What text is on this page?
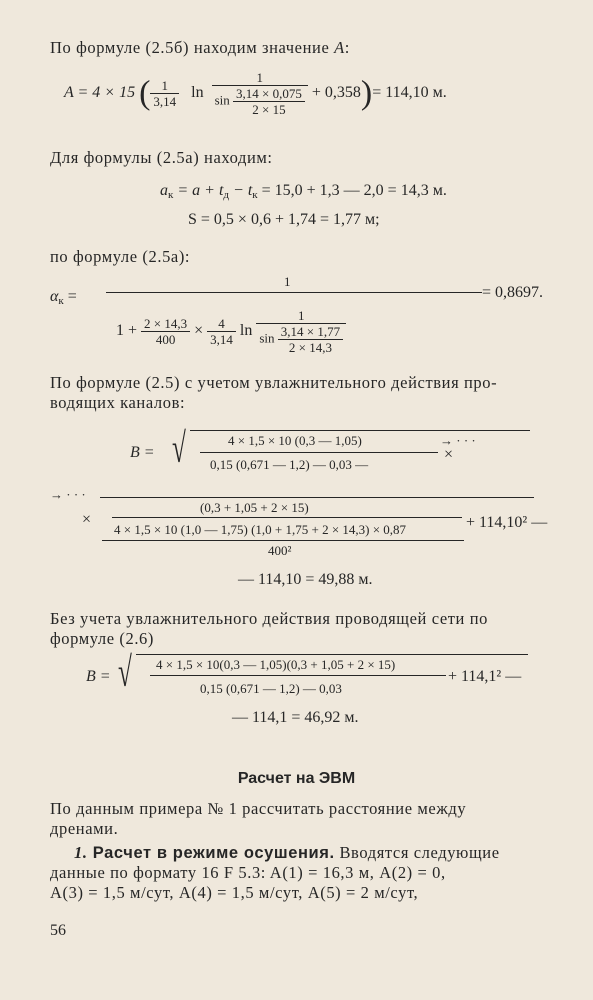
По формуле (2.5б) находим значение A:
A = 4 × 15 ( $\frac{1}{3,14}$ $\ln \frac{1}{\sin \frac{3,14 \times 0,075}{2 \times 15}} + 0,358)= 114,10$ м.
Для формулы (2.5а) находим:
$a_к = a + t_д - t_к = 15,0 + 1,3$ — 2,0 = 14,3 м.
S = 0,5 × 0,6 + 1,74 = 1,77 м;
по формуле (2.5а):
$\alpha_к$ =
1
$1 + \frac{2 \times 14,3}{400} \times \frac{4}{3,14}$ $\ln \frac{1}{\sin \frac{3,14 \times 1,77}{2 \times 14,3}}$
= 0,8697.
По формуле (2.5) с учетом увлажнительного действия про-
водящих каналов:
B = √	4 × 1,5 × 10 (0,3 — 1,05)	→ · · ·
0,15 (0,671 — 1,2) — 0,03 —
×
→ · · ·
×
(0,3 + 1,05 + 2 × 15)
4 × 1,5 × 10 (1,0 — 1,75) (1,0 + 1,75 + 2 × 14,3) × 0,87
400²
+ 114,10² —
— 114,10 = 49,88 м.
Без учета увлажнительного действия проводящей сети по
формуле (2.6)
B = √ 4 × 1,5 × 10(0,3 — 1,05)(0,3 + 1,05 + 2 × 15)
0,15 (0,671 — 1,2) — 0,03
+ 114,1² —
— 114,1 = 46,92 м.
Расчет на ЭВМ
По данным примера № 1 рассчитать расстояние между
дренами.
1. Расчет в режиме осушения. Вводятся следующие
данные по формату 16 F 5.3: A(1) = 16,3 м, A(2) = 0,
A(3) = 1,5 м/сут, A(4) = 1,5 м/сут, A(5) = 2 м/сут,
56
